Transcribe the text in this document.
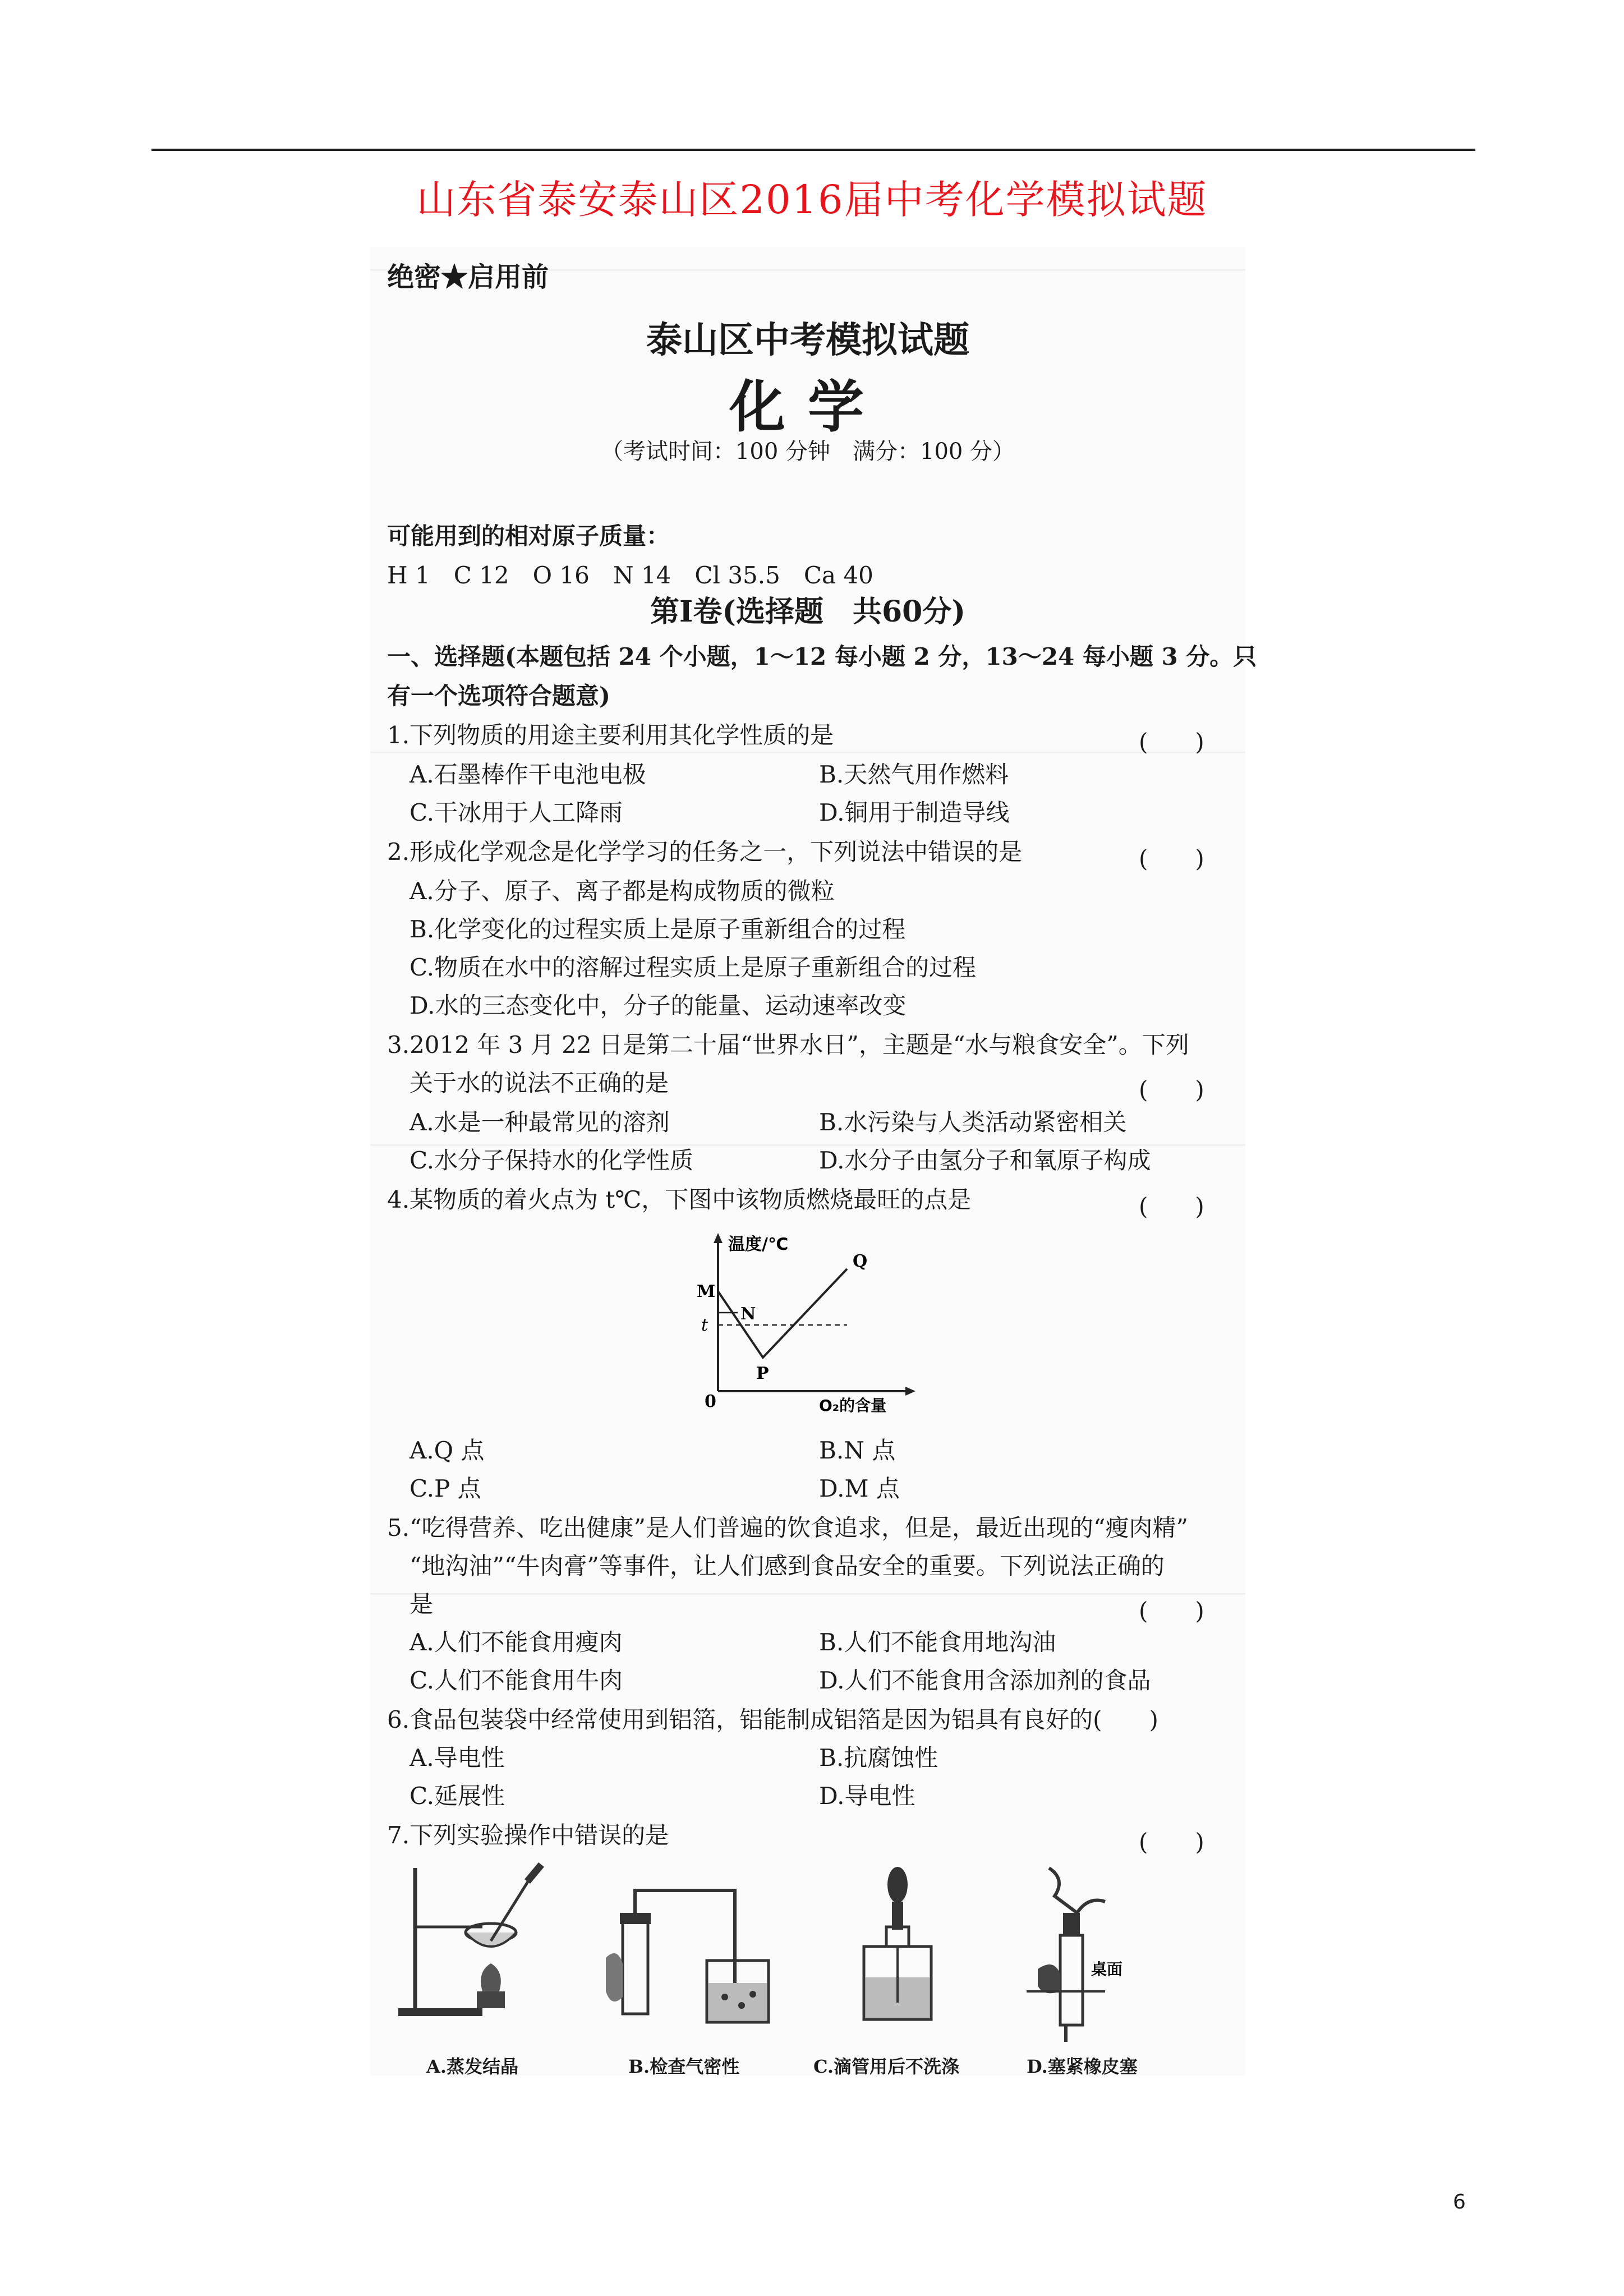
山东省泰安泰山区2016届中考化学模拟试题
绝密★启用前
泰山区中考模拟试题
化学
（考试时间：100 分钟　满分：100 分）
可能用到的相对原子质量：
H 1　C 12　O 16　N 14　Cl 35.5　Ca 40
第Ⅰ卷(选择题　共60分)
一、选择题(本题包括 24 个小题，1～12 每小题 2 分，13～24 每小题 3 分。只
有一个选项符合题意)
1.下列物质的用途主要利用其化学性质的是	(　　)
A.石墨棒作干电池电极	B.天然气用作燃料
C.干冰用于人工降雨	D.铜用于制造导线
2.形成化学观念是化学学习的任务之一，下列说法中错误的是	(　　)
A.分子、原子、离子都是构成物质的微粒
B.化学变化的过程实质上是原子重新组合的过程
C.物质在水中的溶解过程实质上是原子重新组合的过程
D.水的三态变化中，分子的能量、运动速率改变
3.2012 年 3 月 22 日是第二十届“世界水日”，主题是“水与粮食安全”。下列
关于水的说法不正确的是	(　　)
A.水是一种最常见的溶剂	B.水污染与人类活动紧密相关
C.水分子保持水的化学性质	D.水分子由氢分子和氧原子构成
4.某物质的着火点为 t℃，下图中该物质燃烧最旺的点是	(　　)
温度/℃
M
N
t
P
Q
0	O₂的含量
A.Q 点	B.N 点
C.P 点	D.M 点
5.“吃得营养、吃出健康”是人们普遍的饮食追求，但是，最近出现的“瘦肉精”
“地沟油”“牛肉膏”等事件，让人们感到食品安全的重要。下列说法正确的
是	(　　)
A.人们不能食用瘦肉	B.人们不能食用地沟油
C.人们不能食用牛肉	D.人们不能食用含添加剂的食品
6.食品包装袋中经常使用到铝箔，铝能制成铝箔是因为铝具有良好的(　　)
A.导电性	B.抗腐蚀性
C.延展性	D.导电性
7.下列实验操作中错误的是	(　　)
桌面
A.蒸发结晶	B.检查气密性	C.滴管用后不洗涤	D.塞紧橡皮塞
6
